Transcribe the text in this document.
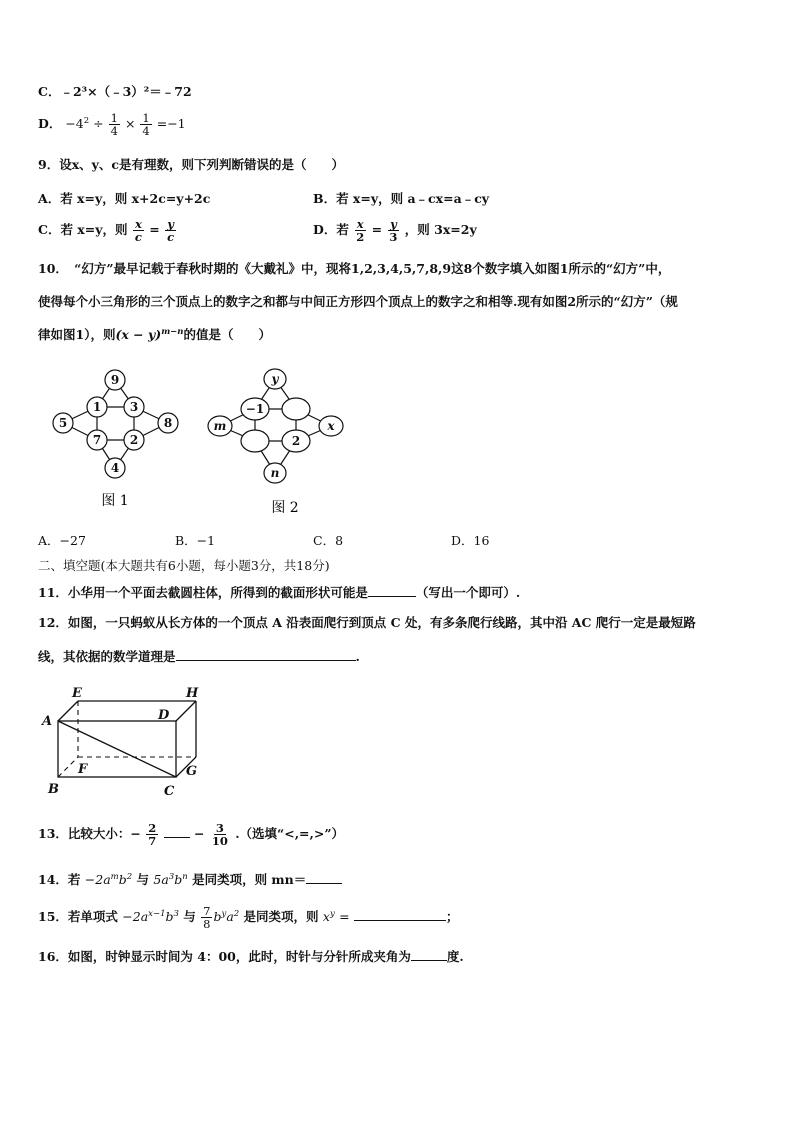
C．﹣2³×（﹣3）²＝﹣72
D． $-4^2 \div \frac{1}{4} \times \frac{1}{4} =-1$
9．设x、y、c是有理数，则下列判断错误的是（　　）
A．若 x=y，则 x+2c=y+2c	B．若 x=y，则 a﹣cx=a﹣cy
C．若 x=y，则 $\frac{x}{c} = \frac{y}{c}$	D．若 $\frac{x}{2} = \frac{y}{3}$ ，则 3x=2y
10．　“幻方”最早记载于春秋时期的《大戴礼》中，现将1,2,3,4,5,7,8,9这8个数字填入如图1所示的“幻方”中，
使得每个小三角形的三个顶点上的数字之和都与中间正方形四个顶点上的数字之和相等.现有如图2所示的“幻方”（规
律如图1），则$(x - y)^{m-n}$的值是（　　）
9
1 3
5	8
7 2
4
图 1
y
−1
m	x
2
n
图 2
A．−27	B．−1	C．8	D．16
二、填空题(本大题共有6小题，每小题3分，共18分)
11．小华用一个平面去截圆柱体，所得到的截面形状可能是	（写出一个即可）.
12．如图，一只蚂蚁从长方体的一个顶点 A 沿表面爬行到顶点 C 处，有多条爬行线路，其中沿 AC 爬行一定是最短路
线，其依据的数学道理是	.
E	H
A	D
F	G
B	C
13．比较大小：− $\frac{2}{7}$	− $\frac{3}{10}$ .（选填“<,=,>”）
14．若 $-2a^mb^2$ 与 $5a^3b^n$ 是同类项，则 mn＝
15．若单项式 $-2a^{x-1}b^3$ 与 $\frac{7}{8} b^ya^2$ 是同类项，则 $x^y$ =	；
16．如图，时钟显示时间为 4：00，此时，时针与分针所成夹角为	度.
